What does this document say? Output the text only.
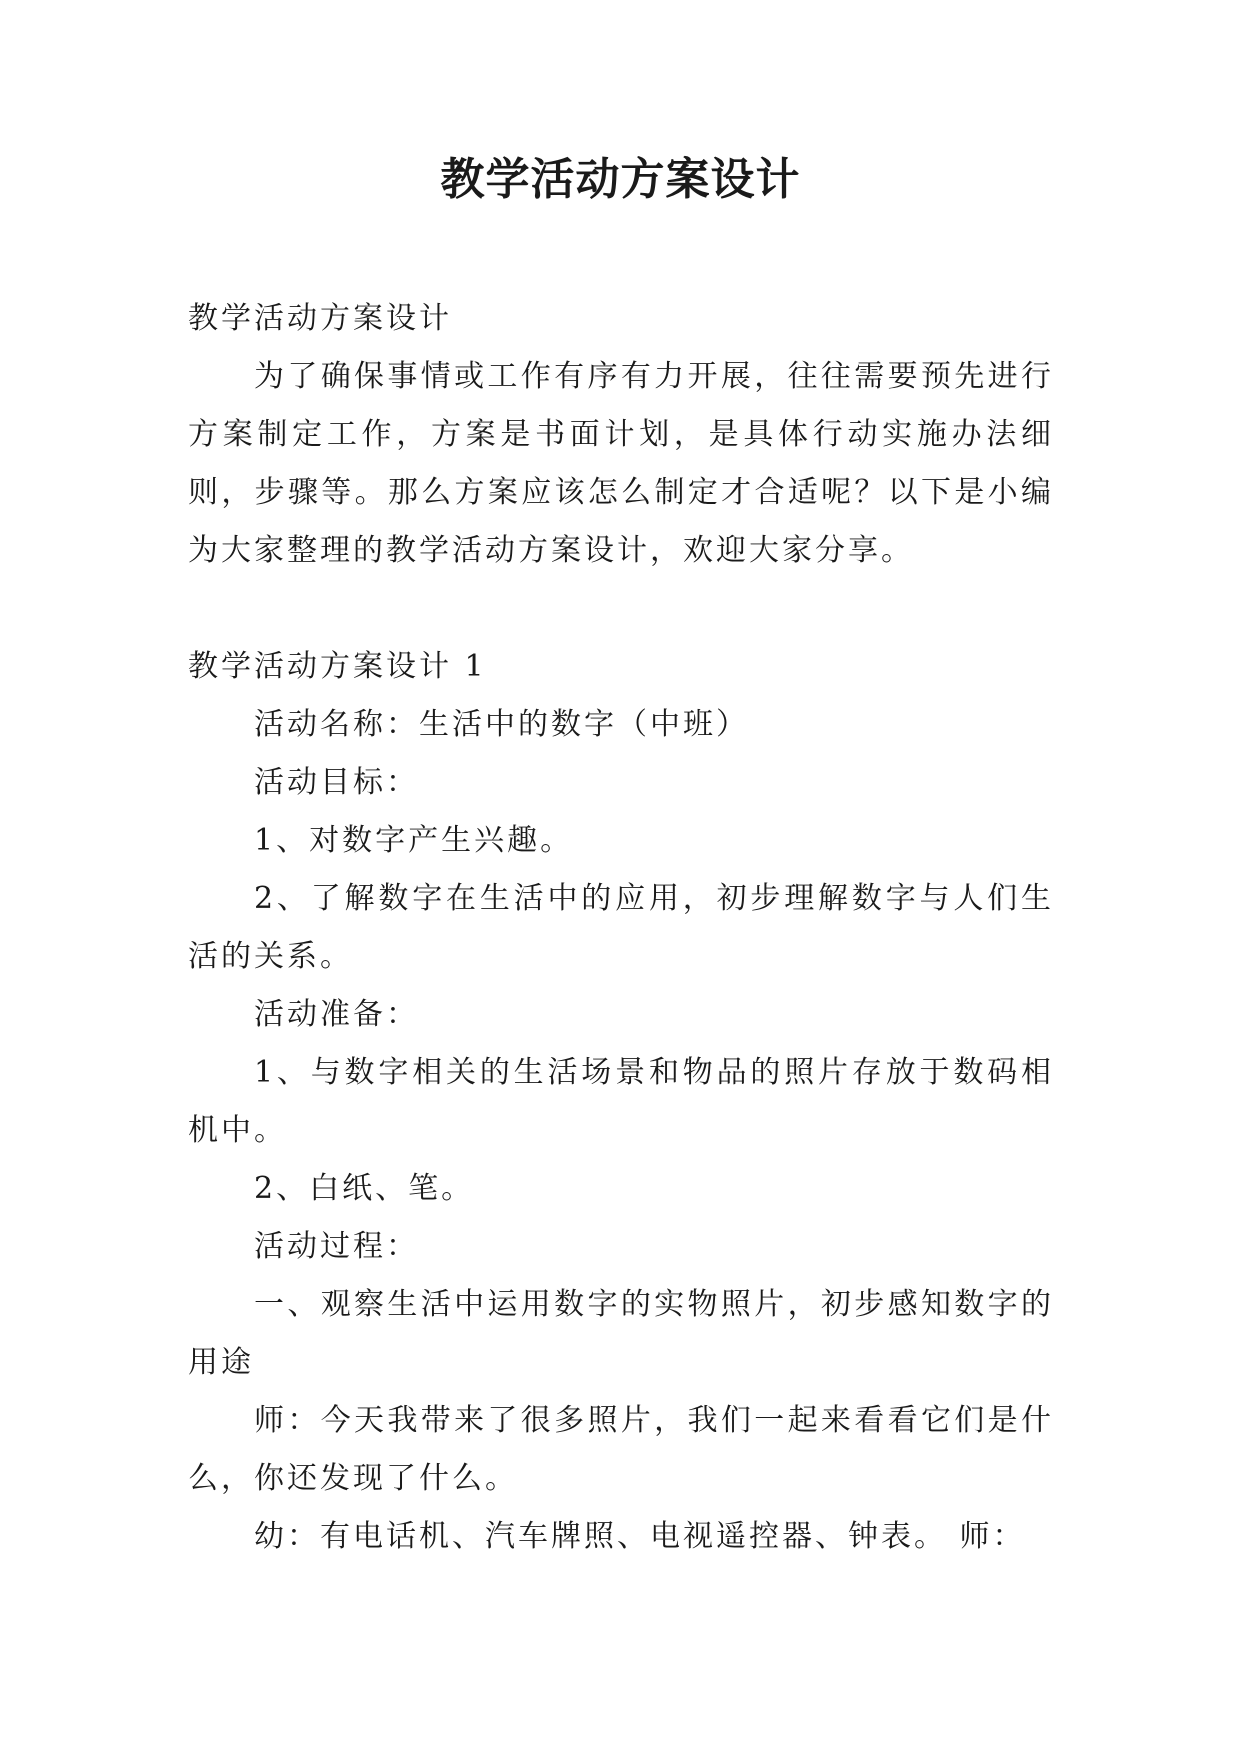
教学活动方案设计

教学活动方案设计

为了确保事情或工作有序有力开展，往往需要预先进行方案制定工作，方案是书面计划，是具体行动实施办法细则，步骤等。那么方案应该怎么制定才合适呢？以下是小编为大家整理的教学活动方案设计，欢迎大家分享。

教学活动方案设计 1

活动名称：生活中的数字（中班）

活动目标：

1、对数字产生兴趣。

2、了解数字在生活中的应用，初步理解数字与人们生活的关系。

活动准备：

1、与数字相关的生活场景和物品的照片存放于数码相机中。

2、白纸、笔。

活动过程：

一、观察生活中运用数字的实物照片，初步感知数字的用途

师：今天我带来了很多照片，我们一起来看看它们是什么，你还发现了什么。

幼：有电话机、汽车牌照、电视遥控器、钟表。 师：
